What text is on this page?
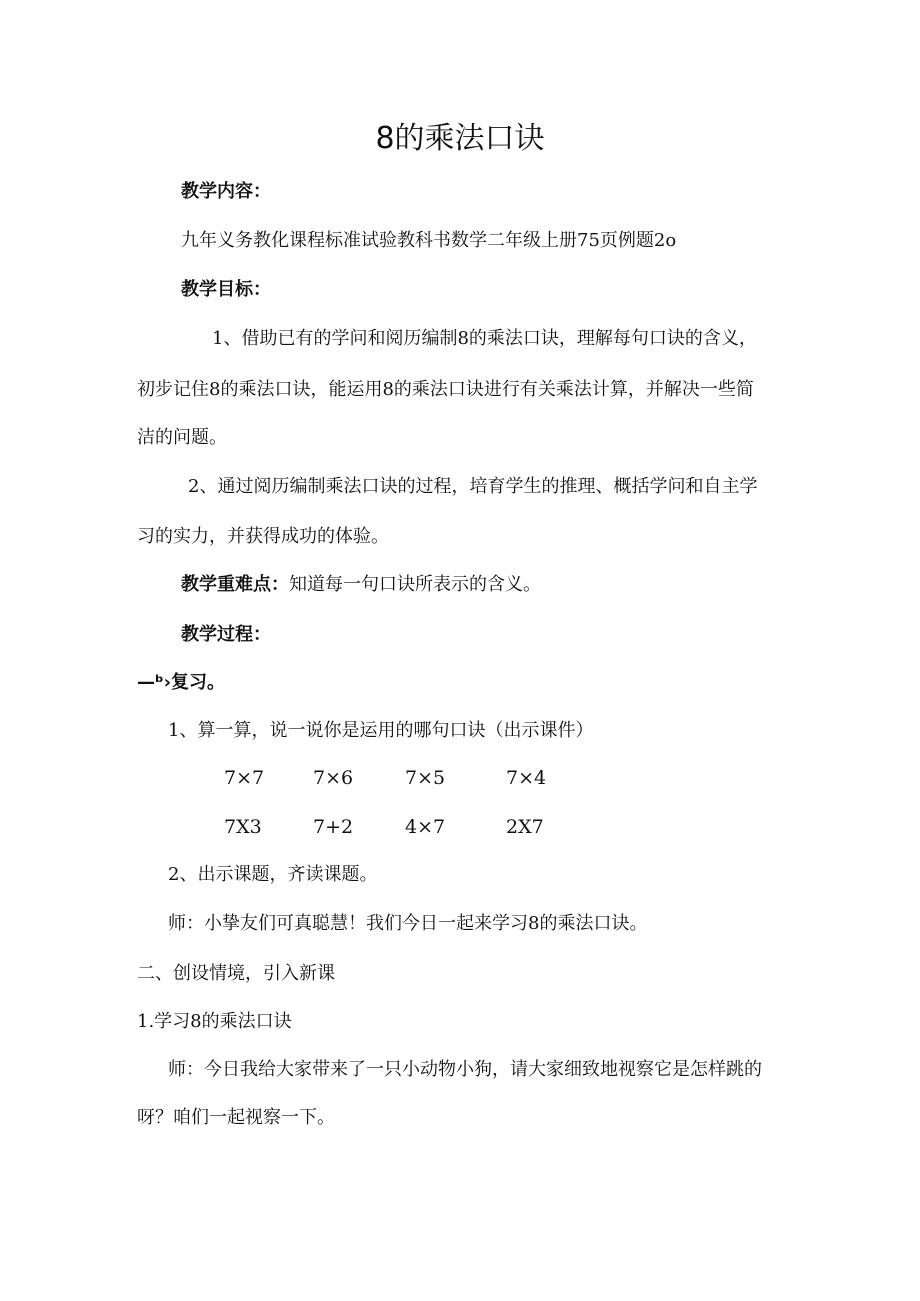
8的乘法口诀
教学内容：
九年义务教化课程标准试验教科书数学二年级上册75页例题2o
教学目标：
1、借助已有的学问和阅历编制8的乘法口诀，理解每句口诀的含义，
初步记住8的乘法口诀，能运用8的乘法口诀进行有关乘法计算，并解决一些简
洁的问题。
2、通过阅历编制乘法口诀的过程，培育学生的推理、概括学问和自主学
习的实力，并获得成功的体验。
教学重难点：知道每一句口诀所表示的含义。
教学过程：
—ᵇ›复习。
1、算一算，说一说你是运用的哪句口诀（出示课件）
7×7	7×6	7×5	7×4
7X3	7+2	4×7	2X7
2、出示课题，齐读课题。
师：小挚友们可真聪慧！我们今日一起来学习8的乘法口诀。
二、创设情境，引入新课
1.学习8的乘法口诀
师：今日我给大家带来了一只小动物小狗，请大家细致地视察它是怎样跳的
呀？咱们一起视察一下。
